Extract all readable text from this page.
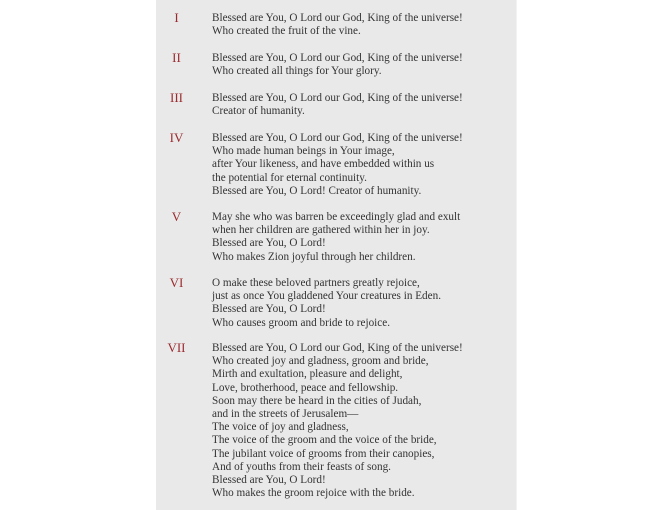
I	Blessed are You, O Lord our God, King of the universe!
Who created the fruit of the vine.
II	Blessed are You, O Lord our God, King of the universe!
Who created all things for Your glory.
III	Blessed are You, O Lord our God, King of the universe!
Creator of humanity.
IV	Blessed are You, O Lord our God, King of the universe!
Who made human beings in Your image,
after Your likeness, and have embedded within us
the potential for eternal continuity.
Blessed are You, O Lord! Creator of humanity.
V	May she who was barren be exceedingly glad and exult
when her children are gathered within her in joy.
Blessed are You, O Lord!
Who makes Zion joyful through her children.
VI	O make these beloved partners greatly rejoice,
just as once You gladdened Your creatures in Eden.
Blessed are You, O Lord!
Who causes groom and bride to rejoice.
VII	Blessed are You, O Lord our God, King of the universe!
Who created joy and gladness, groom and bride,
Mirth and exultation, pleasure and delight,
Love, brotherhood, peace and fellowship.
Soon may there be heard in the cities of Judah,
and in the streets of Jerusalem—
The voice of joy and gladness,
The voice of the groom and the voice of the bride,
The jubilant voice of grooms from their canopies,
And of youths from their feasts of song.
Blessed are You, O Lord!
Who makes the groom rejoice with the bride.
